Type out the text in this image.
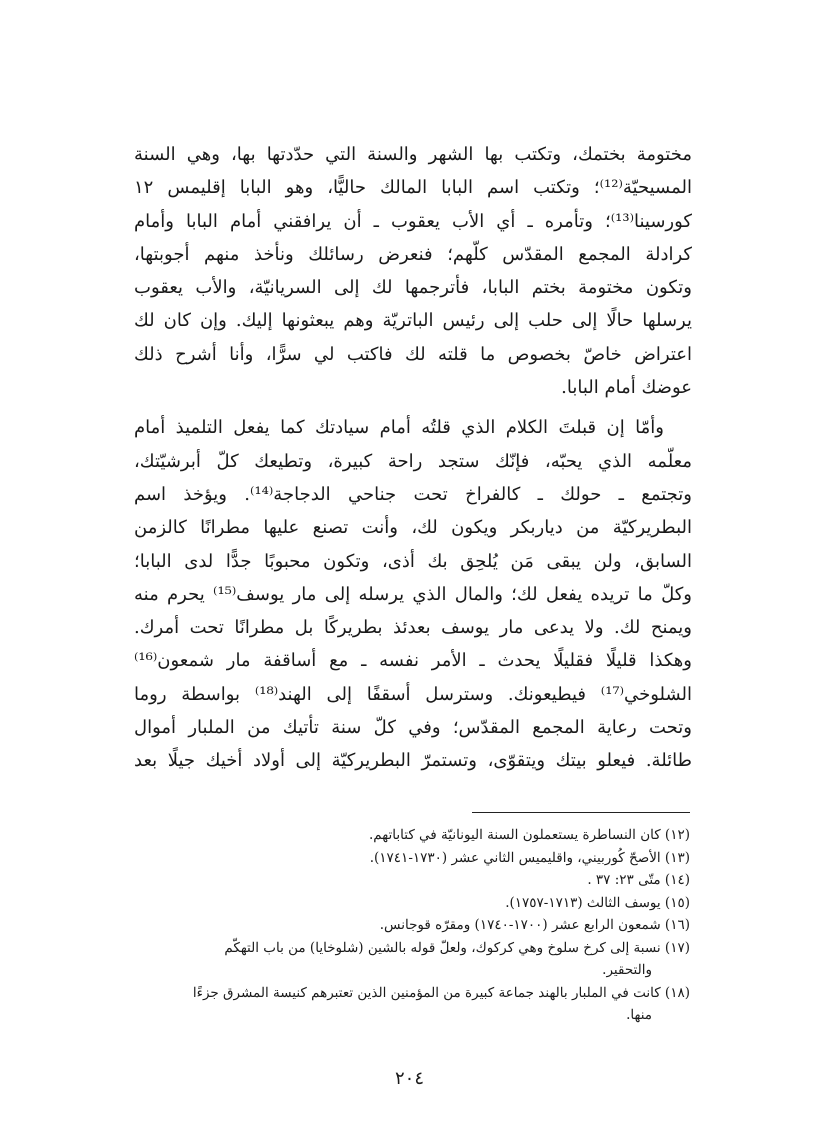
مختومة بختمك، وتكتب بها الشهر والسنة التي حدّدتها بها، وهي السنة
المسيحيّة⁽¹²⁾؛ وتكتب اسم البابا المالك حاليًّا، وهو البابا إقليمس ١٢
كورسينا⁽¹³⁾؛ وتأمره ـ أي الأب يعقوب ـ أن يرافقني أمام البابا وأمام
كرادلة المجمع المقدّس كلّهم؛ فنعرض رسائلك ونأخذ منهم أجوبتها،
وتكون مختومة بختم البابا، فأترجمها لك إلى السريانيّة، والأب يعقوب
يرسلها حالًا إلى حلب إلى رئيس الباتريّة وهم يبعثونها إليك. وإن كان لك
اعتراض خاصّ بخصوص ما قلته لك فاكتب لي سرًّا، وأنا أشرح ذلك
عوضك أمام البابا.
وأمّا إن قبلتَ الكلام الذي قلتُه أمام سيادتك كما يفعل التلميذ أمام
معلّمه الذي يحبّه، فإنّك ستجد راحة كبيرة، وتطيعك كلّ أبرشيّتك،
وتجتمع ـ حولك ـ كالفراخ تحت جناحي الدجاجة⁽¹⁴⁾. ويؤخذ اسم
البطريركيّة من دياربكر ويكون لك، وأنت تصنع عليها مطرانًا كالزمن
السابق، ولن يبقى مَن يُلحِق بك أذى، وتكون محبوبًا جدًّا لدى البابا؛
وكلّ ما تريده يفعل لك؛ والمال الذي يرسله إلى مار يوسف⁽¹⁵⁾ يحرم منه
ويمنح لك. ولا يدعى مار يوسف بعدئذ بطريركًا بل مطرانًا تحت أمرك.
وهكذا قليلًا فقليلًا يحدث ـ الأمر نفسه ـ مع أساقفة مار شمعون⁽¹⁶⁾
الشلوخي⁽¹⁷⁾ فيطيعونك. وسترسل أسقفًا إلى الهند⁽¹⁸⁾ بواسطة روما
وتحت رعاية المجمع المقدّس؛ وفي كلّ سنة تأتيك من الملبار أموال
طائلة. فيعلو بيتك ويتقوّى، وتستمرّ البطريركيّة إلى أولاد أخيك جيلًا بعد
(١٢) كان النساطرة يستعملون السنة اليونانيّة في كتاباتهم.
(١٣) الأصحّ كُوربيني، واقليميس الثاني عشر (١٧٣٠-١٧٤١).
(١٤) متّى ٢٣: ٣٧ .
(١٥) يوسف الثالث (١٧١٣-١٧٥٧).
(١٦) شمعون الرابع عشر (١٧٠٠-١٧٤٠) ومقرّه قوجانس.
(١٧) نسبة إلى كرخ سلوخ وهي كركوك، ولعلّ قوله بالشين (شلوخايا) من باب التهكّم
والتحقير.
(١٨) كانت في الملبار بالهند جماعة كبيرة من المؤمنين الذين تعتبرهم كنيسة المشرق جزءًا
منها.
٢٠٤
